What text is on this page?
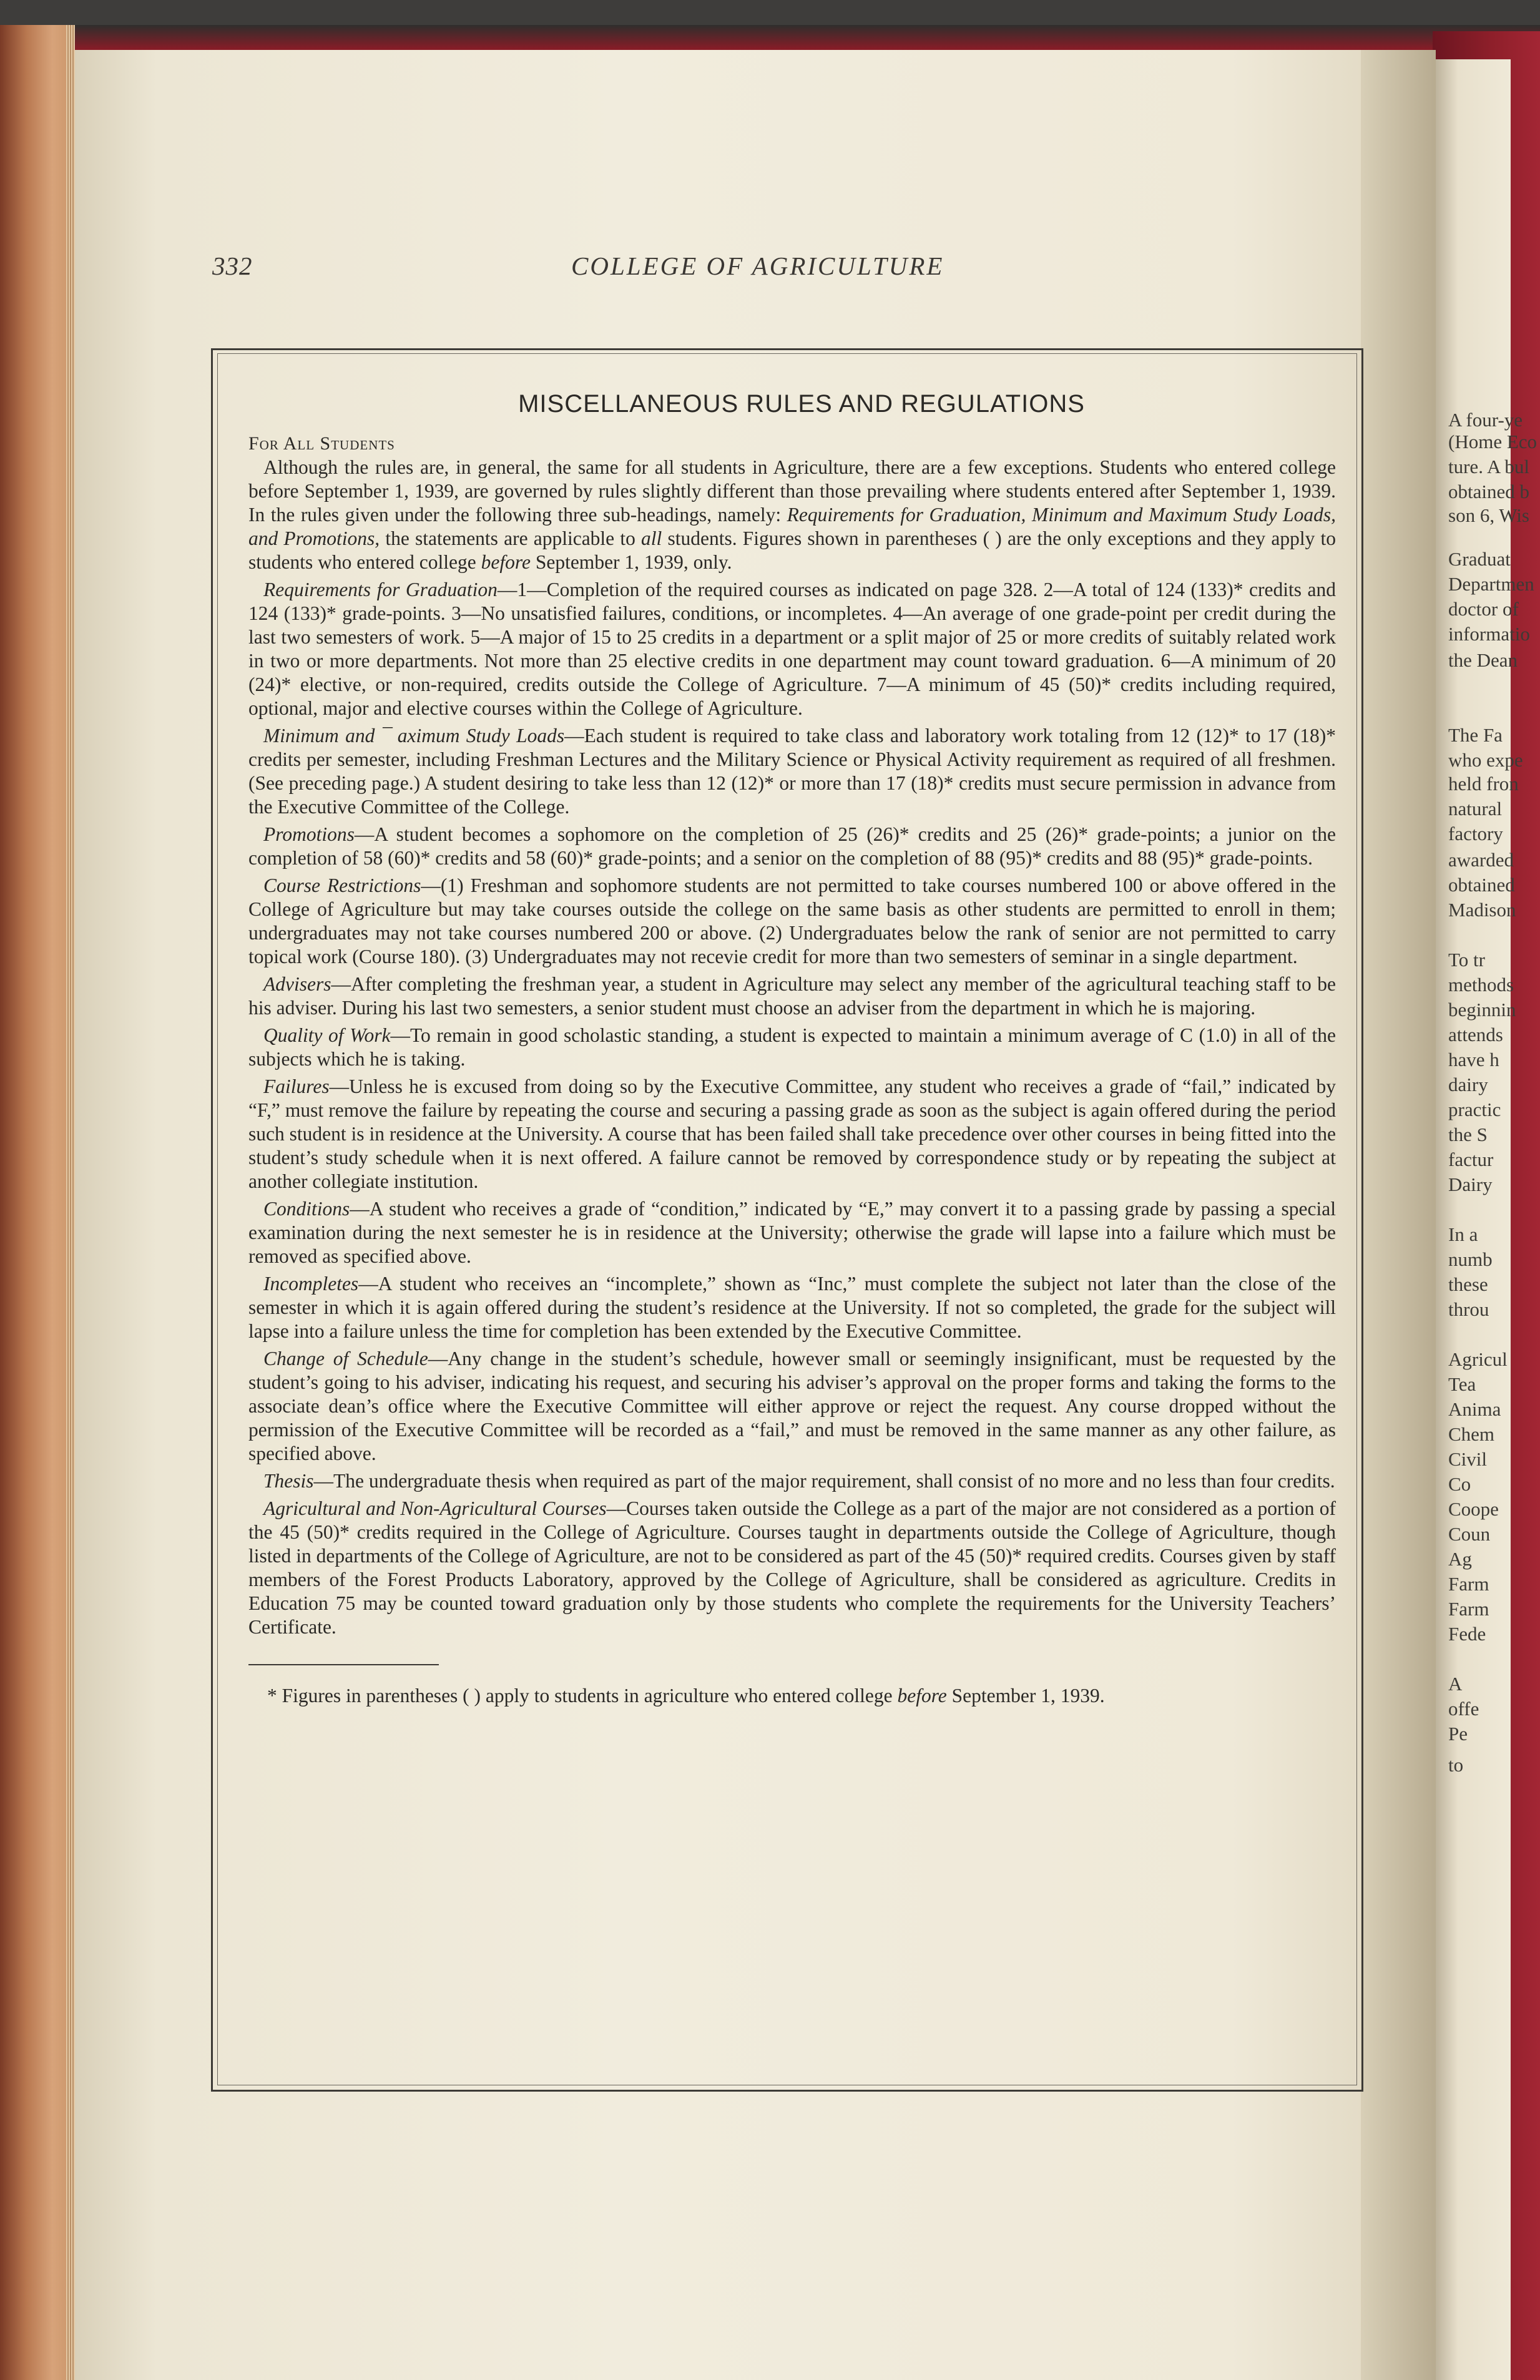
A four-ye
(Home Eco
ture. A bul
obtained b
son 6, Wis
Graduat
Departmen
doctor of
informatio
the Dean
The Fa
who expe
held fron
natural
factory
awarded
obtained
Madison
To tr
methods
beginnin
attends
have h
dairy
practic
the S
factur
Dairy
In a
numb
these
throu
Agricul
Tea
Anima
Chem
Civil
Co
Coope
Coun
Ag
Farm
Farm
Fede
A
offe
Pe
to
332	COLLEGE OF AGRICULTURE
MISCELLANEOUS RULES AND REGULATIONS
For All Students

Although the rules are, in general, the same for all students in Agriculture, there are a few exceptions. Students who entered college before September 1, 1939, are governed by rules slightly different than those prevailing where students entered after September 1, 1939. In the rules given under the following three sub-headings, namely: Requirements for Graduation, Minimum and Maximum Study Loads, and Promotions, the statements are applicable to all students. Figures shown in parentheses ( ) are the only exceptions and they apply to students who entered college before September 1, 1939, only.

Requirements for Graduation—1—Completion of the required courses as indicated on page 328. 2—A total of 124 (133)* credits and 124 (133)* grade-points. 3—No unsatisfied failures, conditions, or incompletes. 4—An average of one grade-point per credit during the last two semesters of work. 5—A major of 15 to 25 credits in a department or a split major of 25 or more credits of suitably related work in two or more departments. Not more than 25 elective credits in one department may count toward graduation. 6—A minimum of 20 (24)* elective, or non-required, credits outside the College of Agriculture. 7—A minimum of 45 (50)* credits including required, optional, major and elective courses within the College of Agriculture.

Minimum and ¯ aximum Study Loads—Each student is required to take class and laboratory work totaling from 12 (12)* to 17 (18)* credits per semester, including Freshman Lectures and the Military Science or Physical Activity requirement as required of all freshmen. (See preceding page.) A student desiring to take less than 12 (12)* or more than 17 (18)* credits must secure permission in advance from the Executive Committee of the College.

Promotions—A student becomes a sophomore on the completion of 25 (26)* credits and 25 (26)* grade-points; a junior on the completion of 58 (60)* credits and 58 (60)* grade-points; and a senior on the completion of 88 (95)* credits and 88 (95)* grade-points.

Course Restrictions—(1) Freshman and sophomore students are not permitted to take courses numbered 100 or above offered in the College of Agriculture but may take courses outside the college on the same basis as other students are permitted to enroll in them; undergraduates may not take courses numbered 200 or above. (2) Undergraduates below the rank of senior are not permitted to carry topical work (Course 180). (3) Undergraduates may not recevie credit for more than two semesters of seminar in a single department.

Advisers—After completing the freshman year, a student in Agriculture may select any member of the agricultural teaching staff to be his adviser. During his last two semesters, a senior student must choose an adviser from the department in which he is majoring.

Quality of Work—To remain in good scholastic standing, a student is expected to maintain a minimum average of C (1.0) in all of the subjects which he is taking.

Failures—Unless he is excused from doing so by the Executive Committee, any student who receives a grade of “fail,” indicated by “F,” must remove the failure by repeating the course and securing a passing grade as soon as the subject is again offered during the period such student is in residence at the University. A course that has been failed shall take precedence over other courses in being fitted into the student’s study schedule when it is next offered. A failure cannot be removed by correspondence study or by repeating the subject at another collegiate institution.

Conditions—A student who receives a grade of “condition,” indicated by “E,” may convert it to a passing grade by passing a special examination during the next semester he is in residence at the University; otherwise the grade will lapse into a failure which must be removed as specified above.

Incompletes—A student who receives an “incomplete,” shown as “Inc,” must complete the subject not later than the close of the semester in which it is again offered during the student’s residence at the University. If not so completed, the grade for the subject will lapse into a failure unless the time for completion has been extended by the Executive Committee.

Change of Schedule—Any change in the student’s schedule, however small or seemingly insignificant, must be requested by the student’s going to his adviser, indicating his request, and securing his adviser’s approval on the proper forms and taking the forms to the associate dean’s office where the Executive Committee will either approve or reject the request. Any course dropped without the permission of the Executive Committee will be recorded as a “fail,” and must be removed in the same manner as any other failure, as specified above.

Thesis—The undergraduate thesis when required as part of the major requirement, shall consist of no more and no less than four credits.

Agricultural and Non-Agricultural Courses—Courses taken outside the College as a part of the major are not considered as a portion of the 45 (50)* credits required in the College of Agriculture. Courses taught in departments outside the College of Agriculture, though listed in departments of the College of Agriculture, are not to be considered as part of the 45 (50)* required credits. Courses given by staff members of the Forest Products Laboratory, approved by the College of Agriculture, shall be considered as agriculture. Credits in Education 75 may be counted toward graduation only by those students who complete the requirements for the University Teachers’ Certificate.

* Figures in parentheses ( ) apply to students in agriculture who entered college before September 1, 1939.
